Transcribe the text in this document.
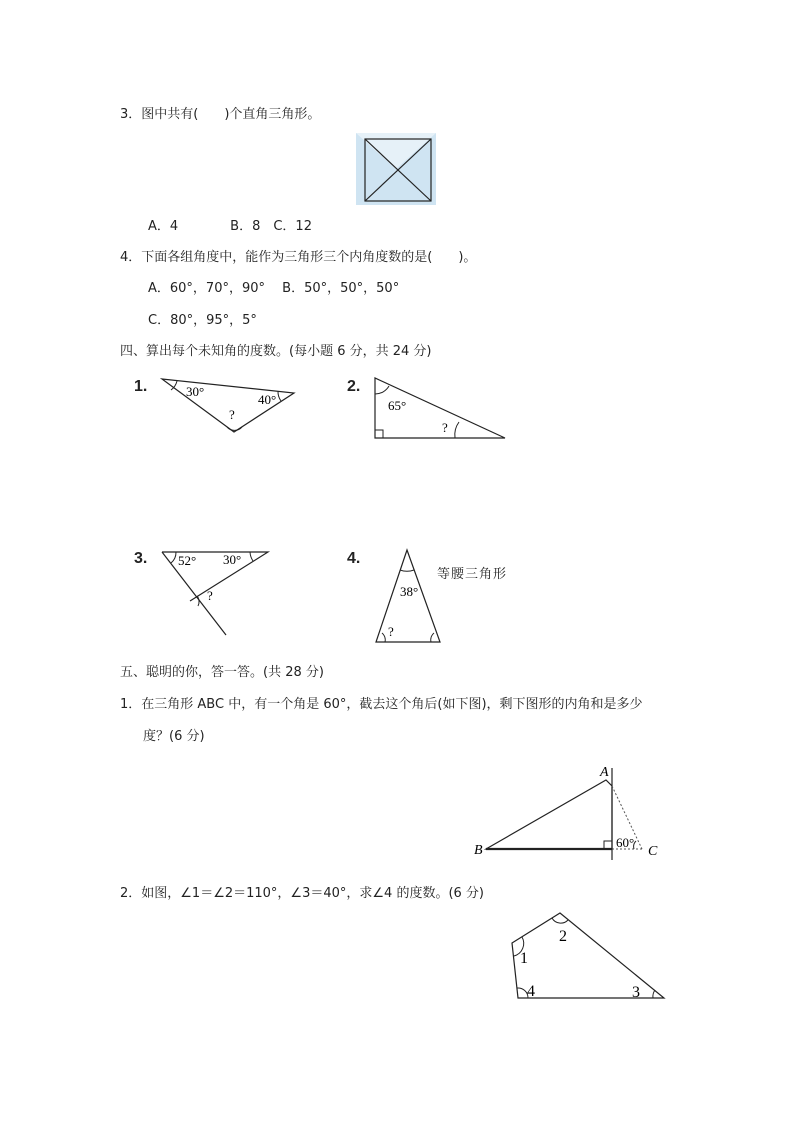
3．图中共有(　　)个直角三角形。
A．4　　　　B．8　C．12
4．下面各组角度中，能作为三角形三个内角度数的是(　　)。
A．60°，70°，90°　 B．50°，50°，50°
C．80°，95°，5°
四、算出每个未知角的度数。(每小题 6 分，共 24 分)
1.	30°
40°
?
2.
65°
?
3. 52° 30°
?
4.
38°
?
等腰三角形
五、聪明的你，答一答。(共 28 分)
1．在三角形 ABC 中，有一个角是 60°，截去这个角后(如下图)，剩下图形的内角和是多少
度？(6 分)
A
B	C
60°
2．如图，∠1＝∠2＝110°，∠3＝40°，求∠4 的度数。(6 分)
1
2
3
4
